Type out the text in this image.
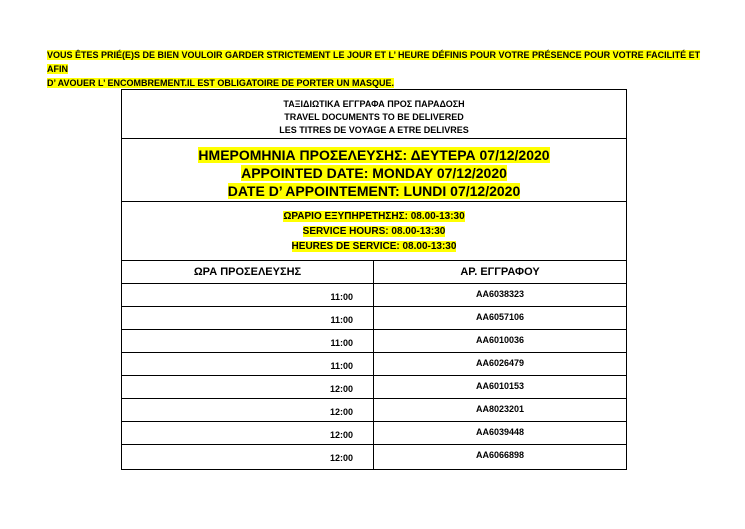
VOUS ÊTES PRIÉ(E)S DE BIEN VOULOIR GARDER STRICTEMENT LE JOUR ET L’ HEURE DÉFINIS POUR VOTRE PRÉSENCE POUR VOTRE FACILITÉ ET AFIN
D’ AVOUER L’ ENCOMBREMENT.IL EST OBLIGATOIRE DE PORTER UN MASQUE.
ΤΑΞΙΔΙΩΤΙΚΑ ΕΓΓΡΑΦΑ ΠΡΟΣ ΠΑΡΑΔΟΣΗ
TRAVEL DOCUMENTS TO BE DELIVERED
LES TITRES DE VOYAGE A ETRE DELIVRES
ΗΜΕΡΟΜΗΝΙΑ ΠΡΟΣΕΛΕΥΣΗΣ: ΔΕΥΤΕΡΑ 07/12/2020
APPOINTED DATE: MONDAY 07/12/2020
DATE D’ APPOINTEMENT: LUNDI 07/12/2020
ΩΡΑΡΙΟ ΕΞΥΠΗΡΕΤΗΣΗΣ: 08.00-13:30
SERVICE HOURS: 08.00-13:30
HEURES DE SERVICE: 08.00-13:30
ΩΡΑ ΠΡΟΣΕΛΕΥΣΗΣ	ΑΡ. ΕΓΓΡΑΦΟΥ
11:00	AA6038323
11:00	AA6057106
11:00	AA6010036
11:00	AA6026479
12:00	AA6010153
12:00	AA8023201
12:00	AA6039448
12:00	AA6066898
